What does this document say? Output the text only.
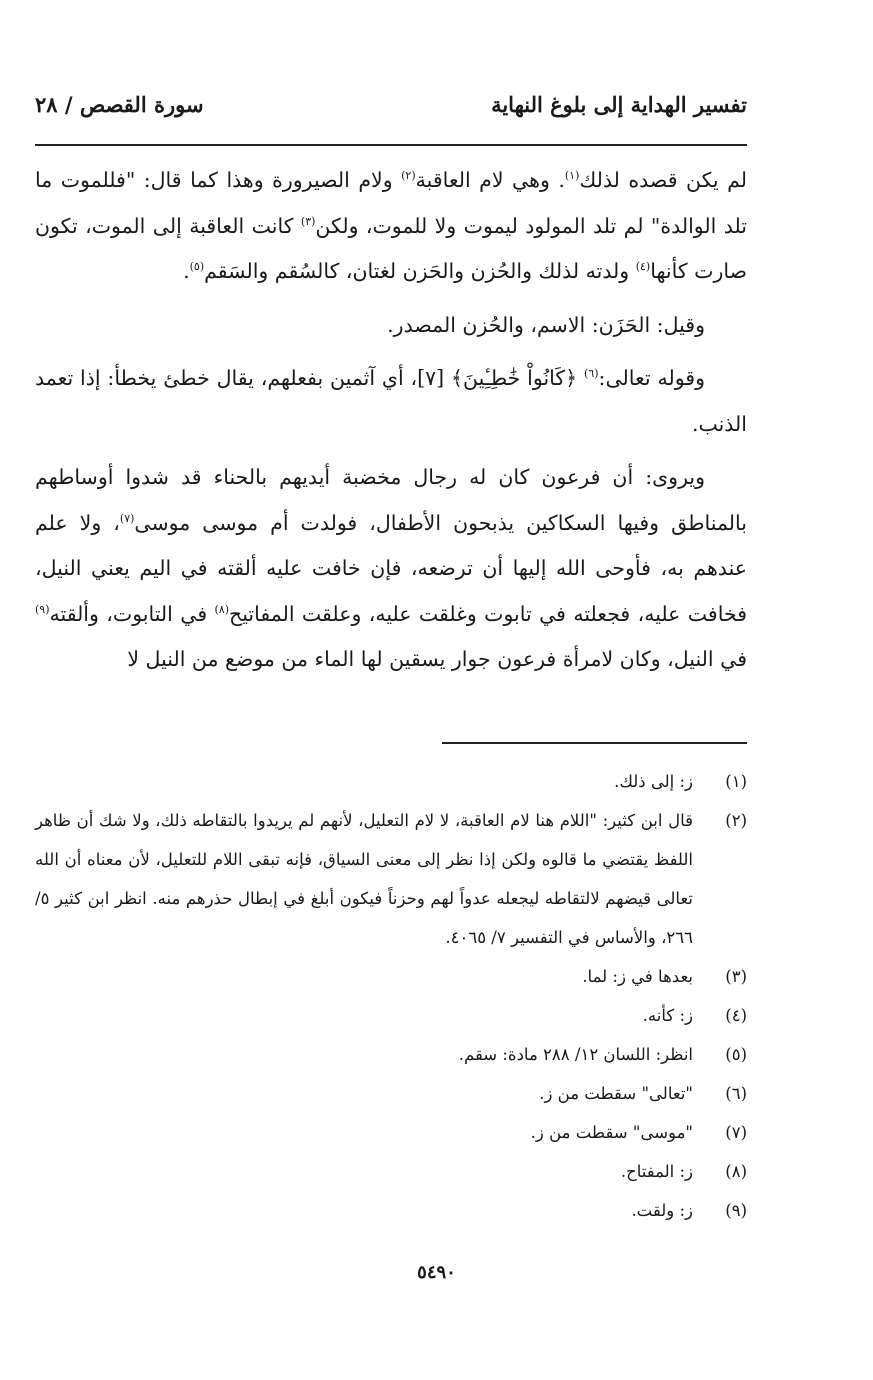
تفسير الهداية إلى بلوغ النهاية
سورة القصص / ٢٨

لم يكن قصده لذلك$^{(١)}$. وهي لام العاقبة$^{(٢)}$ ولام الصيرورة وهذا كما قال: "فللموت ما تلد الوالدة" لم تلد المولود ليموت ولا للموت، ولكن$^{(٣)}$ كانت العاقبة إلى الموت، تكون صارت كأنها$^{(٤)}$ ولدته لذلك والحُزن والحَزن لغتان، كالسُقم والسَقم$^{(٥)}$.

وقيل: الحَزَن: الاسم، والحُزن المصدر.

وقوله تعالى:$^{(٦)}$ ﴿كَانُواْ خَٰطِـِٔينَ﴾ [٧]، أي آثمين بفعلهم، يقال خطئ يخطأ: إذا تعمد الذنب.

ويروى: أن فرعون كان له رجال مخضبة أيديهم بالحناء قد شدوا أوساطهم بالمناطق وفيها السكاكين يذبحون الأطفال، فولدت أم موسى موسى$^{(٧)}$، ولا علم عندهم به، فأوحى الله إليها أن ترضعه، فإن خافت عليه ألقته في اليم يعني النيل، فخافت عليه، فجعلته في تابوت وغلقت عليه، وعلقت المفاتيح$^{(٨)}$ في التابوت، وألقته$^{(٩)}$ في النيل، وكان لامرأة فرعون جوار يسقين لها الماء من موضع من النيل لا

(١)
ز: إلى ذلك.
(٢)
قال ابن كثير: "اللام هنا لام العاقبة، لا لام التعليل، لأنهم لم يريدوا بالتقاطه ذلك، ولا شك أن ظاهر اللفظ يقتضي ما قالوه ولكن إذا نظر إلى معنى السياق، فإنه تبقى اللام للتعليل، لأن معناه أن الله تعالى قيضهم لالتقاطه ليجعله عدواً لهم وحزناً فيكون أبلغ في إبطال حذرهم منه. انظر ابن كثير ٥/ ٢٦٦، والأساس في التفسير ٧/ ٤٠٦٥.
(٣)
بعدها في ز: لما.
(٤)
ز: كأنه.
(٥)
انظر: اللسان ١٢/ ٢٨٨ مادة: سقم.
(٦)
"تعالى" سقطت من ز.
(٧)
"موسى" سقطت من ز.
(٨)
ز: المفتاح.
(٩)
ز: ولقت.
٥٤٩٠
